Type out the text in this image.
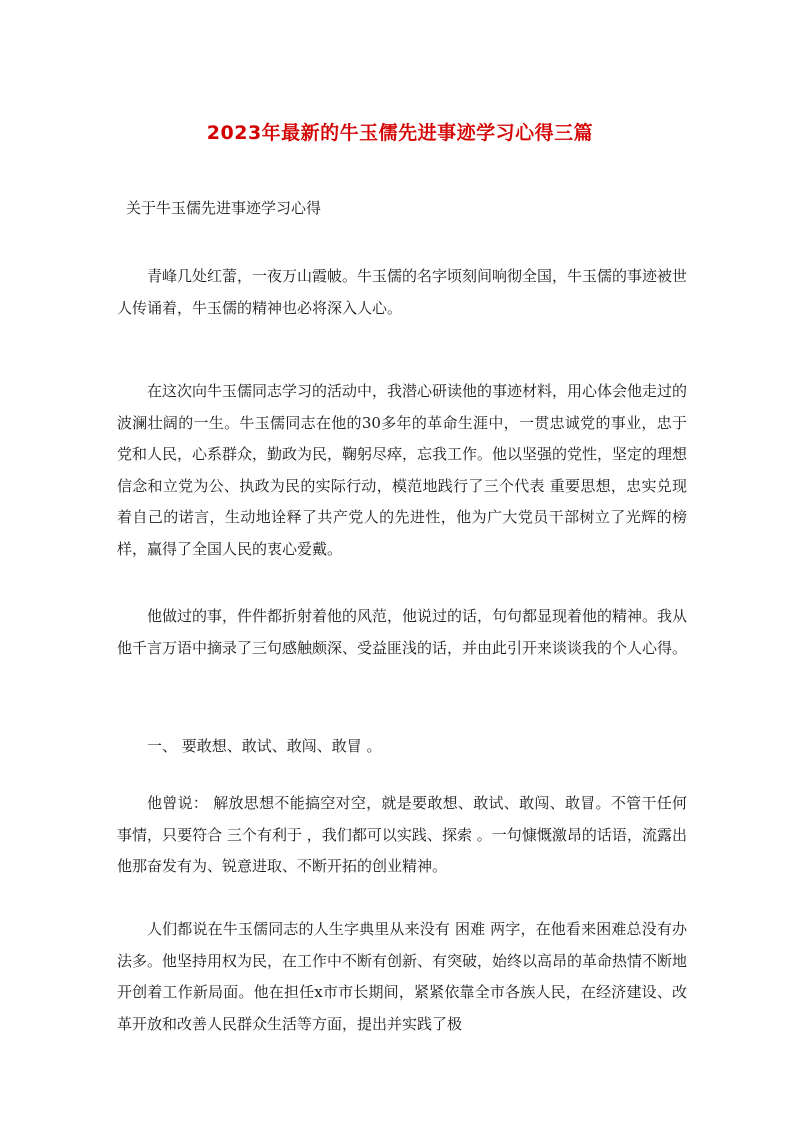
2023年最新的牛玉儒先进事迹学习心得三篇
关于牛玉儒先进事迹学习心得

青峰几处红蕾，一夜万山霞帔。牛玉儒的名字顷刻间响彻全国，牛玉儒的事迹被世人传诵着，牛玉儒的精神也必将深入人心。

在这次向牛玉儒同志学习的活动中，我潜心研读他的事迹材料，用心体会他走过的波澜壮阔的一生。牛玉儒同志在他的30多年的革命生涯中，一贯忠诚党的事业，忠于党和人民，心系群众，勤政为民，鞠躬尽瘁，忘我工作。他以坚强的党性，坚定的理想信念和立党为公、执政为民的实际行动，模范地践行了三个代表 重要思想，忠实兑现着自己的诺言，生动地诠释了共产党人的先进性，他为广大党员干部树立了光辉的榜样，赢得了全国人民的衷心爱戴。

他做过的事，件件都折射着他的风范，他说过的话，句句都显现着他的精神。我从他千言万语中摘录了三句感触颇深、受益匪浅的话，并由此引开来谈谈我的个人心得。

一、 要敢想、敢试、敢闯、敢冒 。

他曾说： 解放思想不能搞空对空，就是要敢想、敢试、敢闯、敢冒。不管干任何事情，只要符合 三个有利于 ，我们都可以实践、探索 。一句慷慨激昂的话语，流露出他那奋发有为、锐意进取、不断开拓的创业精神。

人们都说在牛玉儒同志的人生字典里从来没有 困难 两字，在他看来困难总没有办法多。他坚持用权为民，在工作中不断有创新、有突破，始终以高昂的革命热情不断地开创着工作新局面。他在担任x市市长期间，紧紧依靠全市各族人民，在经济建设、改革开放和改善人民群众生活等方面，提出并实践了极
